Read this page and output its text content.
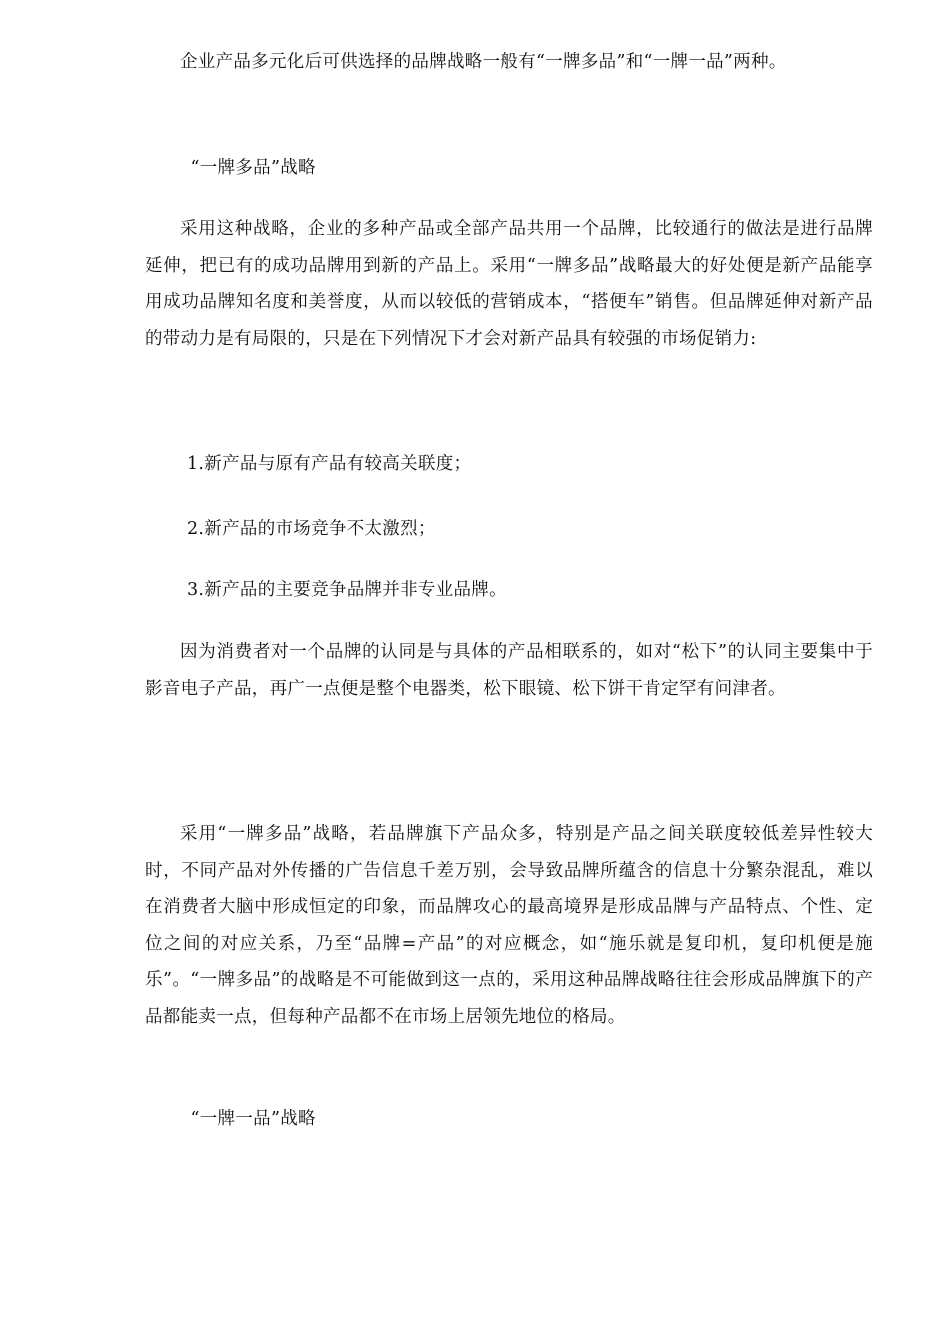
企业产品多元化后可供选择的品牌战略一般有“一牌多品”和“一牌一品”两种。

“一牌多品”战略

采用这种战略，企业的多种产品或全部产品共用一个品牌，比较通行的做法是进行品牌延伸，把已有的成功品牌用到新的产品上。采用“一牌多品”战略最大的好处便是新产品能享用成功品牌知名度和美誉度，从而以较低的营销成本，“搭便车”销售。但品牌延伸对新产品的带动力是有局限的，只是在下列情况下才会对新产品具有较强的市场促销力:

1.新产品与原有产品有较高关联度；

2.新产品的市场竞争不太激烈；

3.新产品的主要竞争品牌并非专业品牌。

因为消费者对一个品牌的认同是与具体的产品相联系的，如对“松下”的认同主要集中于影音电子产品，再广一点便是整个电器类，松下眼镜、松下饼干肯定罕有问津者。

采用“一牌多品”战略，若品牌旗下产品众多，特别是产品之间关联度较低差异性较大时，不同产品对外传播的广告信息千差万别，会导致品牌所蕴含的信息十分繁杂混乱，难以在消费者大脑中形成恒定的印象，而品牌攻心的最高境界是形成品牌与产品特点、个性、定位之间的对应关系，乃至“品牌=产品”的对应概念，如“施乐就是复印机，复印机便是施乐”。“一牌多品”的战略是不可能做到这一点的，采用这种品牌战略往往会形成品牌旗下的产品都能卖一点，但每种产品都不在市场上居领先地位的格局。

“一牌一品”战略
